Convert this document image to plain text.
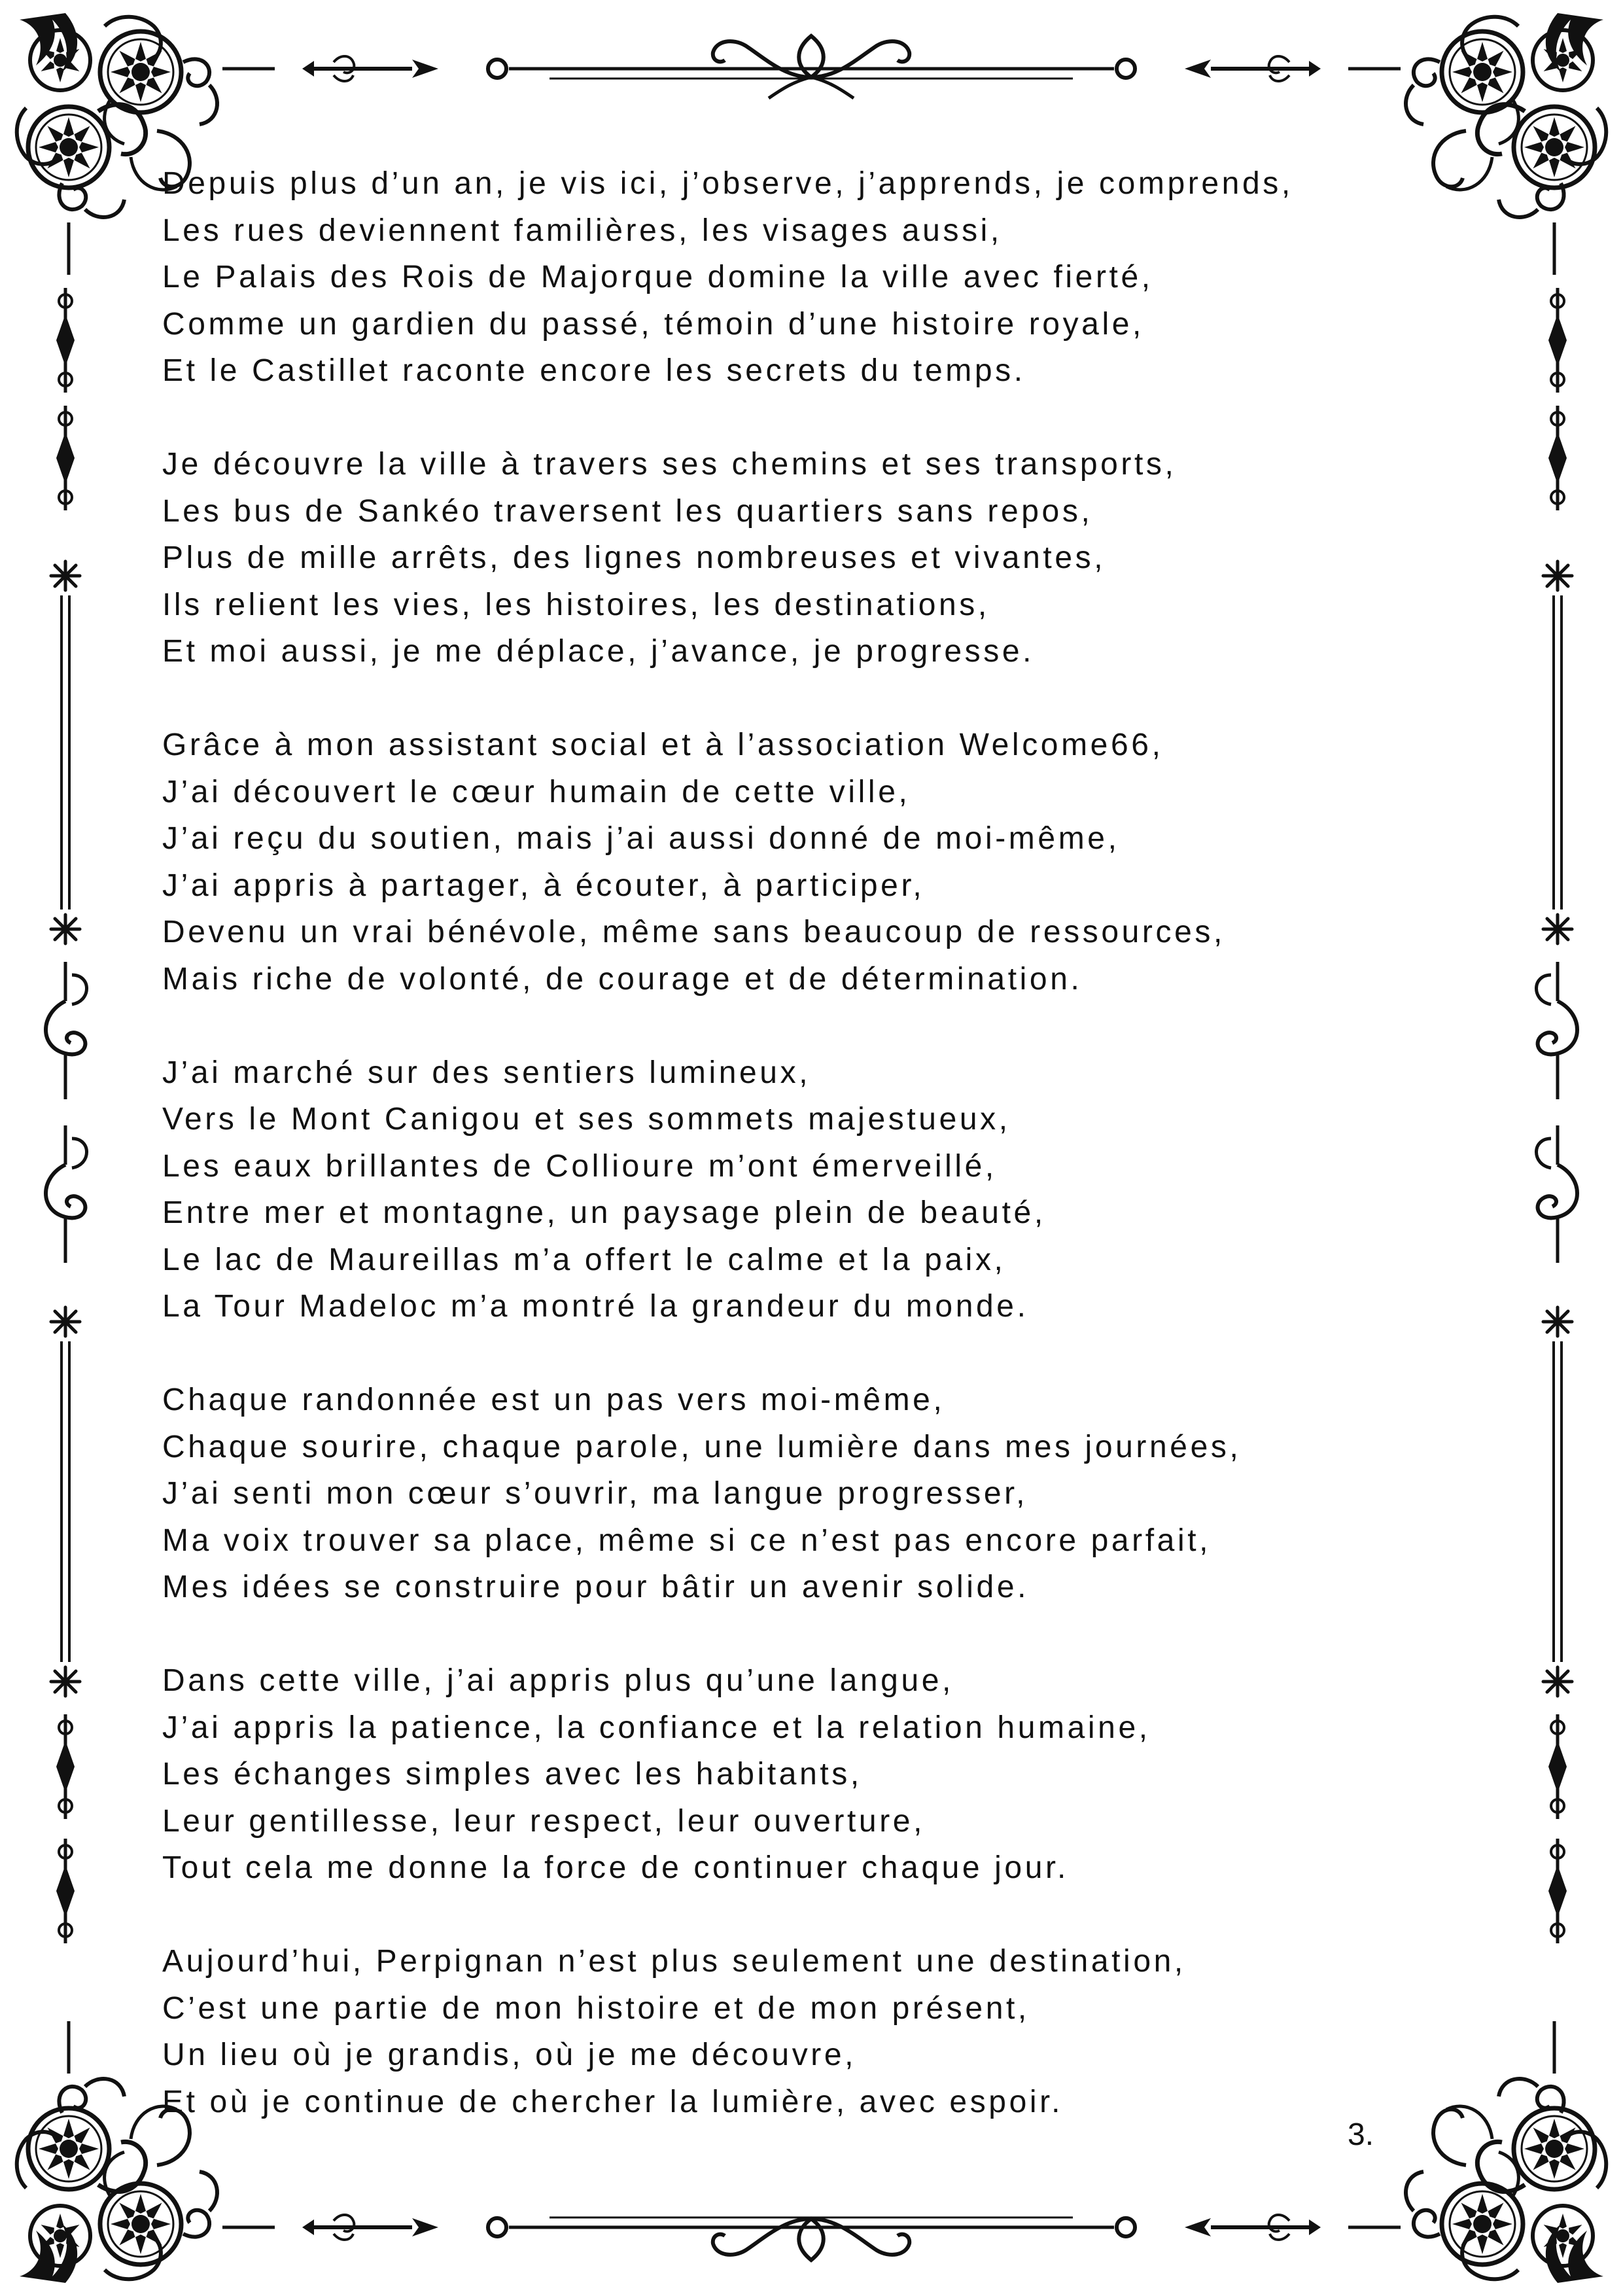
Depuis plus d’un an, je vis ici, j’observe, j’apprends, je comprends,
Les rues deviennent familières, les visages aussi,
Le Palais des Rois de Majorque domine la ville avec fierté,
Comme un gardien du passé, témoin d’une histoire royale,
Et le Castillet raconte encore les secrets du temps.
Je découvre la ville à travers ses chemins et ses transports,
Les bus de Sankéo traversent les quartiers sans repos,
Plus de mille arrêts, des lignes nombreuses et vivantes,
Ils relient les vies, les histoires, les destinations,
Et moi aussi, je me déplace, j’avance, je progresse.
Grâce à mon assistant social et à l’association Welcome66,
J’ai découvert le cœur humain de cette ville,
J’ai reçu du soutien, mais j’ai aussi donné de moi-même,
J’ai appris à partager, à écouter, à participer,
Devenu un vrai bénévole, même sans beaucoup de ressources,
Mais riche de volonté, de courage et de détermination.
J’ai marché sur des sentiers lumineux,
Vers le Mont Canigou et ses sommets majestueux,
Les eaux brillantes de Collioure m’ont émerveillé,
Entre mer et montagne, un paysage plein de beauté,
Le lac de Maureillas m’a offert le calme et la paix,
La Tour Madeloc m’a montré la grandeur du monde.
Chaque randonnée est un pas vers moi-même,
Chaque sourire, chaque parole, une lumière dans mes journées,
J’ai senti mon cœur s’ouvrir, ma langue progresser,
Ma voix trouver sa place, même si ce n’est pas encore parfait,
Mes idées se construire pour bâtir un avenir solide.
Dans cette ville, j’ai appris plus qu’une langue,
J’ai appris la patience, la confiance et la relation humaine,
Les échanges simples avec les habitants,
Leur gentillesse, leur respect, leur ouverture,
Tout cela me donne la force de continuer chaque jour.
Aujourd’hui, Perpignan n’est plus seulement une destination,
C’est une partie de mon histoire et de mon présent,
Un lieu où je grandis, où je me découvre,
Et où je continue de chercher la lumière, avec espoir.
3.
